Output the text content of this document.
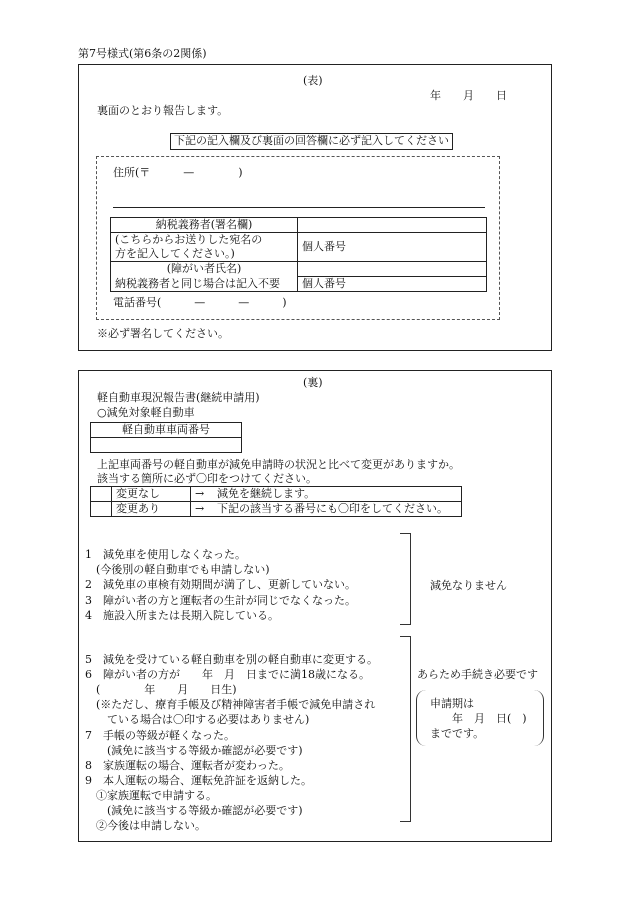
第7号様式(第6条の2関係)
(表)
年　　月　　日
裏面のとおり報告します。
下記の記入欄及び裏面の回答欄に必ず記入してください
住所(〒　　　—　　　　)
納税義務者(署名欄)	
(こちらからお送りした宛名の	個人番号
方を記入してください。)	
(障がい者氏名)	
納税義務者と同じ場合は記入不要	個人番号
電話番号(　　　—　　　—　　　)
※必ず署名してください。
(裏)
軽自動車現況報告書(継続申請用)
○減免対象軽自動車
軽自動車車両番号

上記車両番号の軽自動車が減免申請時の状況と比べて変更がありますか。
該当する箇所に必ず〇印をつけてください。
	変更なし	→	減免を継続します。
	変更あり	→	下記の該当する番号にも〇印をしてください。
1　減免車を使用しなくなった。
　(今後別の軽自動車でも申請しない)
2　減免車の車検有効期間が満了し、更新していない。
3　障がい者の方と運転者の生計が同じでなくなった。
4　施設入所または長期入院している。
減免なりません
5　減免を受けている軽自動車を別の軽自動車に変更する。
6　障がい者の方が　　年　月　日までに満18歳になる。
　(　　　　年　　月　　日生)
　(※ただし、療育手帳及び精神障害者手帳で減免申請され
　　ている場合は〇印する必要はありません)
7　手帳の等級が軽くなった。
　　(減免に該当する等級か確認が必要です)
8　家族運転の場合、運転者が変わった。
9　本人運転の場合、運転免許証を返納した。
　①家族運転で申請する。
　　(減免に該当する等級か確認が必要です)
　②今後は申請しない。
あらため手続き必要です
申請期は
年　月　日(　)
までです。
